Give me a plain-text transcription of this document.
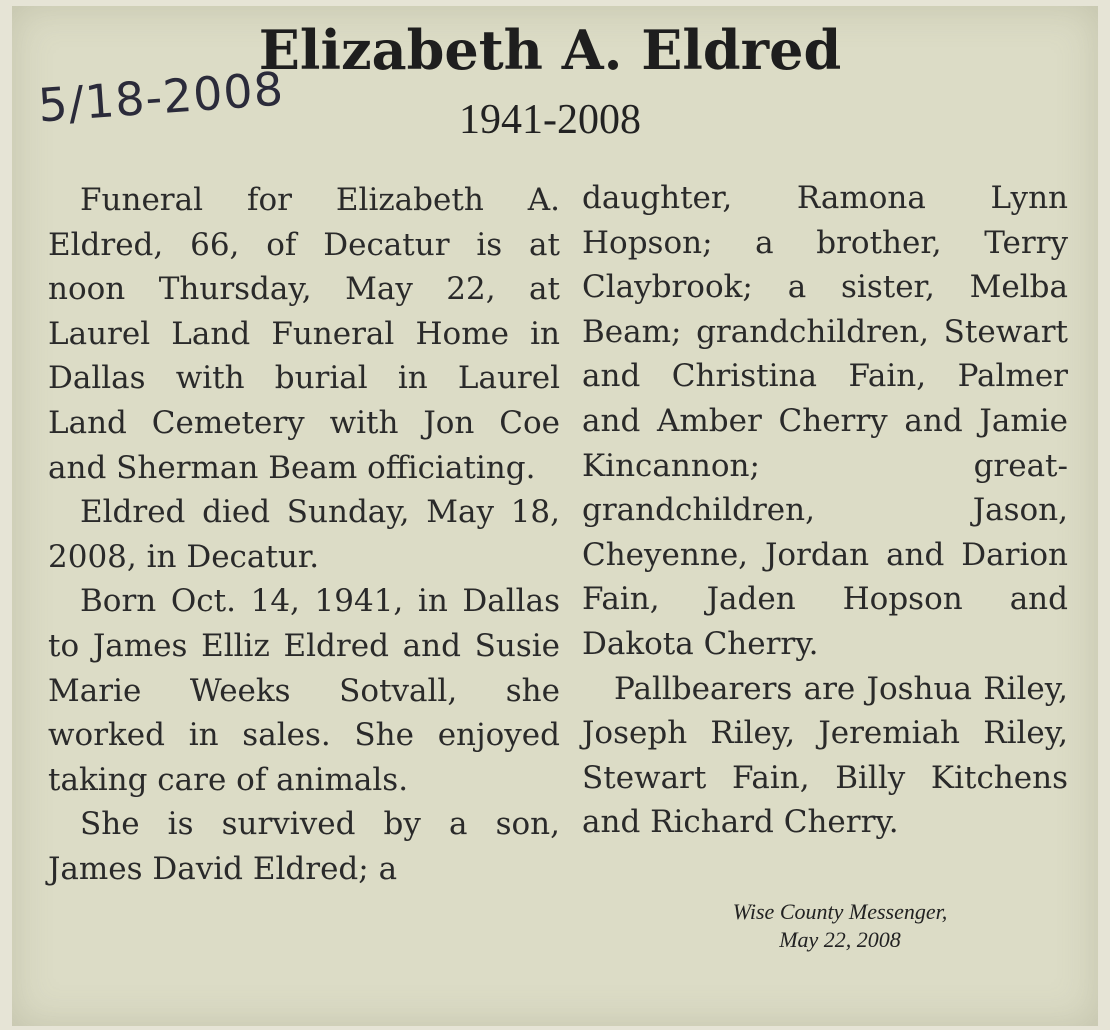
5/18-2008
Elizabeth A. Eldred
1941-2008

Funeral for Elizabeth A. Eldred, 66, of Decatur is at noon Thursday, May 22, at Laurel Land Funeral Home in Dallas with burial in Laurel Land Cemetery with Jon Coe and Sherman Beam officiating.

Eldred died Sunday, May 18, 2008, in Decatur.

Born Oct. 14, 1941, in Dallas to James Elliz Eldred and Susie Marie Weeks Sotvall, she worked in sales. She enjoyed taking care of animals.

She is survived by a son, James David Eldred; a

daughter, Ramona Lynn Hopson; a brother, Terry Claybrook; a sister, Melba Beam; grandchildren, Stewart and Christina Fain, Palmer and Amber Cherry and Jamie Kincannon; great-grandchildren, Jason, Cheyenne, Jordan and Darion Fain, Jaden Hopson and Dakota Cherry.

Pallbearers are Joshua Riley, Joseph Riley, Jeremiah Riley, Stewart Fain, Billy Kitchens and Richard Cherry.

Wise County Messenger,
May 22, 2008
